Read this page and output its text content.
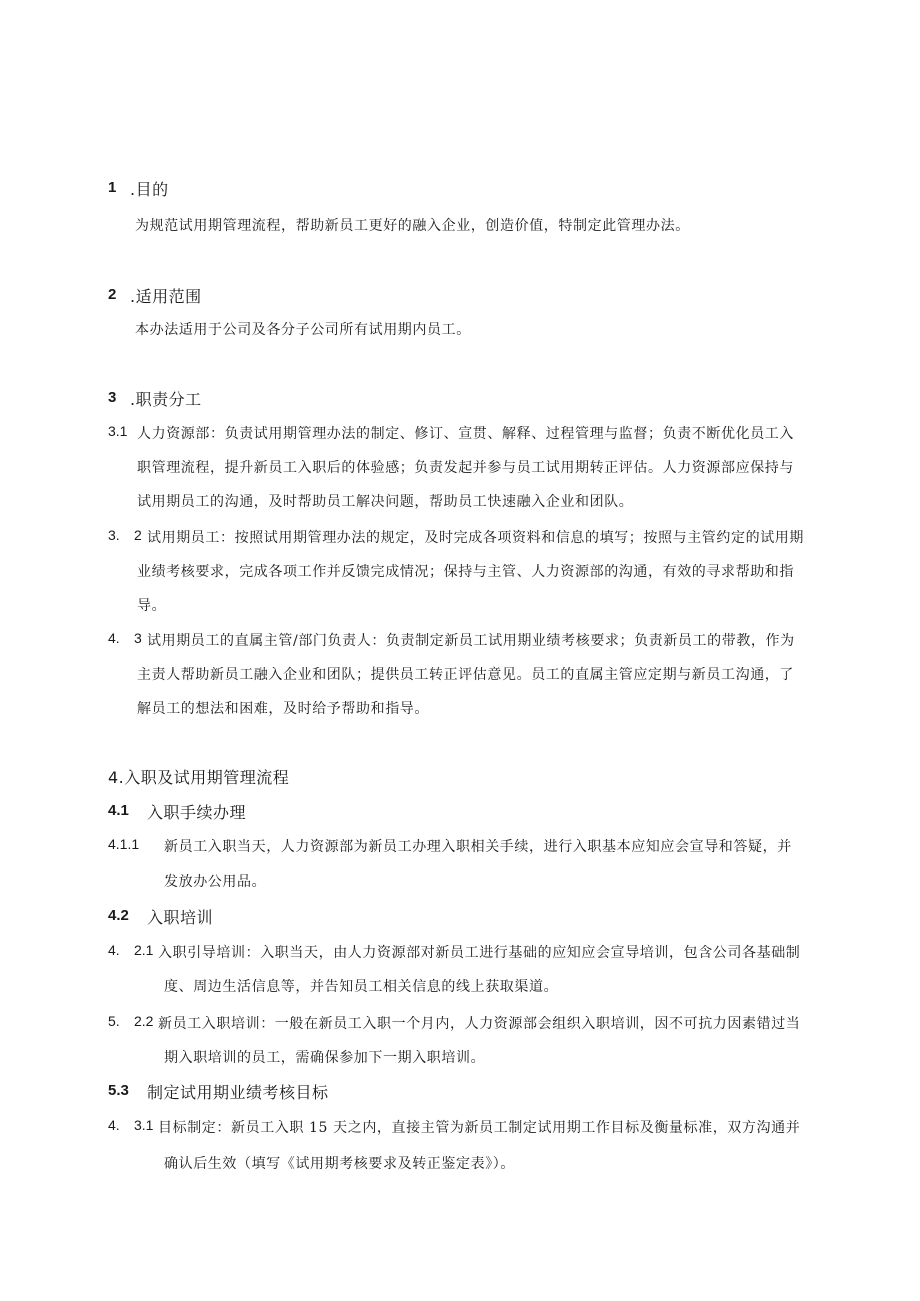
1 .目的
为规范试用期管理流程，帮助新员工更好的融入企业，创造价值，特制定此管理办法。
2 .适用范围
本办法适用于公司及各分子公司所有试用期内员工。
3 .职责分工
3.1 人力资源部：负责试用期管理办法的制定、修订、宣贯、解释、过程管理与监督；负责不断优化员工入
职管理流程，提升新员工入职后的体验感；负责发起并参与员工试用期转正评估。人力资源部应保持与
试用期员工的沟通，及时帮助员工解决问题，帮助员工快速融入企业和团队。
3. 2 试用期员工：按照试用期管理办法的规定，及时完成各项资料和信息的填写；按照与主管约定的试用期
业绩考核要求，完成各项工作并反馈完成情况；保持与主管、人力资源部的沟通，有效的寻求帮助和指
导。
4. 3 试用期员工的直属主管/部门负责人：负责制定新员工试用期业绩考核要求；负责新员工的带教，作为
主责人帮助新员工融入企业和团队；提供员工转正评估意见。员工的直属主管应定期与新员工沟通，了
解员工的想法和困难，及时给予帮助和指导。
4.入职及试用期管理流程
4.1 入职手续办理
4.1.1 新员工入职当天，人力资源部为新员工办理入职相关手续，进行入职基本应知应会宣导和答疑，并
发放办公用品。
4.2 入职培训
4. 2.1 入职引导培训：入职当天，由人力资源部对新员工进行基础的应知应会宣导培训，包含公司各基础制
度、周边生活信息等，并告知员工相关信息的线上获取渠道。
5. 2.2 新员工入职培训：一般在新员工入职一个月内，人力资源部会组织入职培训，因不可抗力因素错过当
期入职培训的员工，需确保参加下一期入职培训。
5.3 制定试用期业绩考核目标
4. 3.1 目标制定：新员工入职 15 天之内，直接主管为新员工制定试用期工作目标及衡量标准，双方沟通并
确认后生效（填写《试用期考核要求及转正鉴定表》）。
